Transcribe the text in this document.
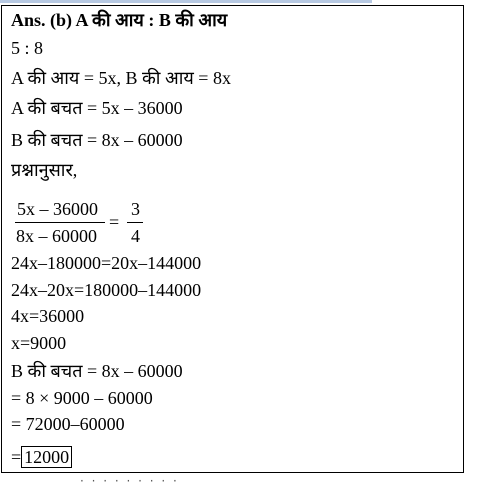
Ans. (b) A की आय : B की आय
5 : 8
A की आय = 5x, B की आय = 8x
A की बचत = 5x – 36000
B की बचत = 8x – 60000
प्रश्नानुसार,
5x – 36000
8x – 60000
=
3
4
24x–180000=20x–144000
24x–20x=180000–144000
4x=36000
x=9000
B की बचत = 8x – 60000
= 8 × 9000 – 60000
= 72000–60000
= 12000
· · · · · · · · ·
